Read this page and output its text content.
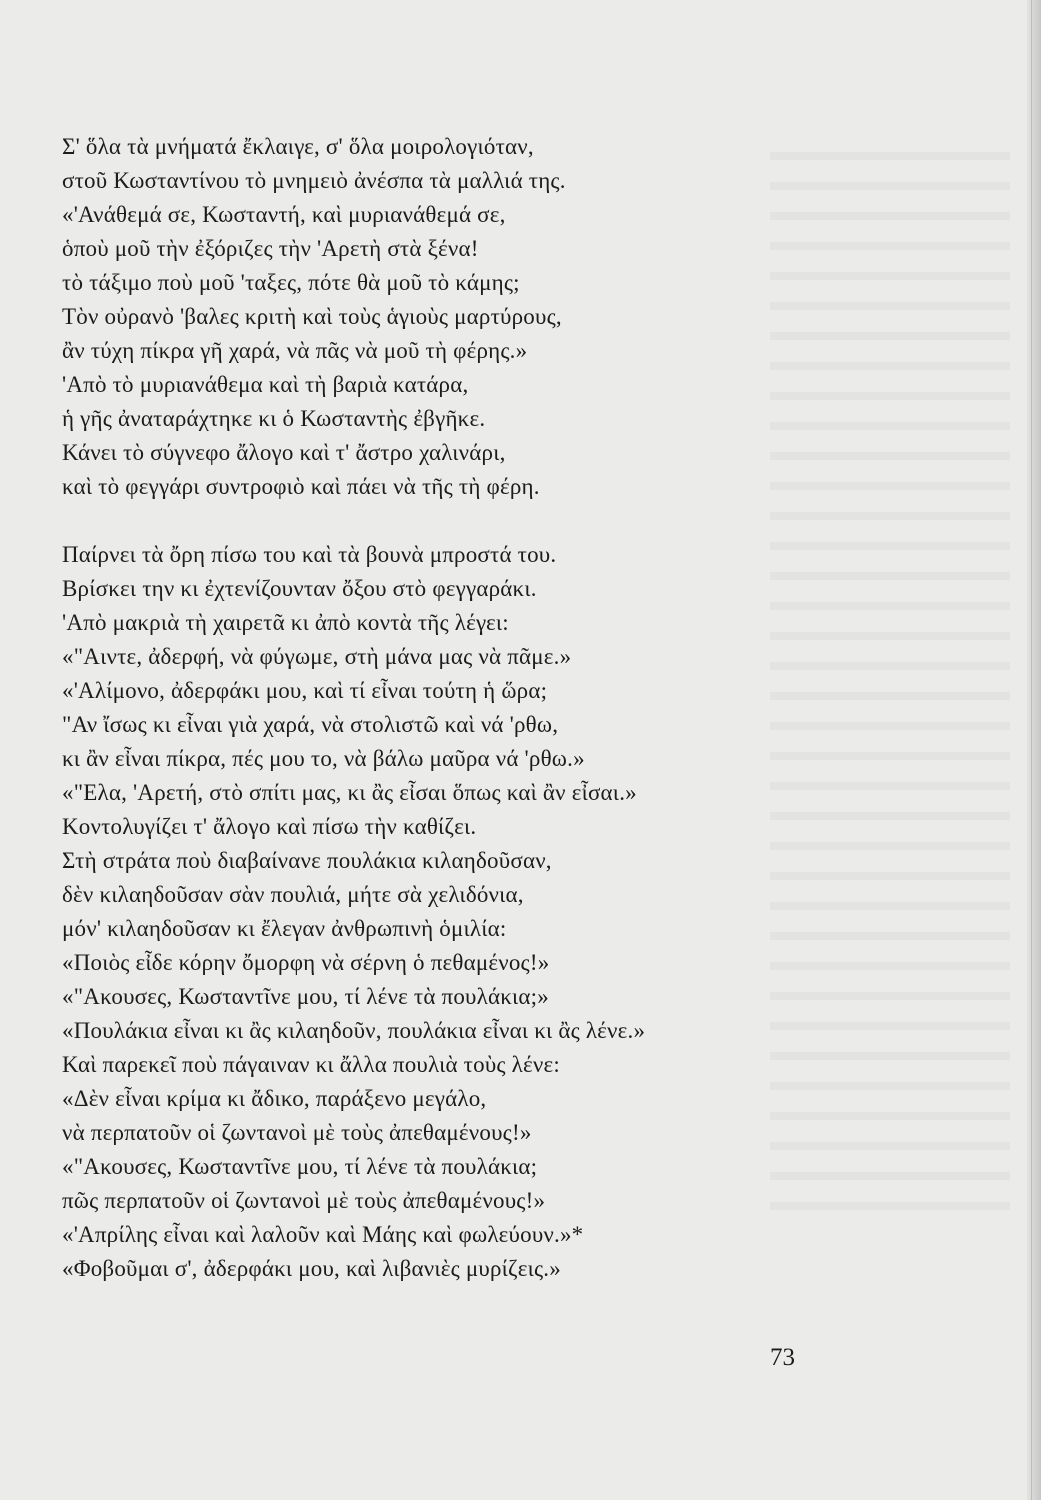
Σ' ὅλα τὰ μνήματά ἔκλαιγε, σ' ὅλα μοιρολογιόταν,
στοῦ Κωσταντίνου τὸ μνημειὸ ἀνέσπα τὰ μαλλιά της.
«'Ανάθεμά σε, Κωσταντή, καὶ μυριανάθεμά σε,
ὁποὺ μοῦ τὴν ἐξόριζες τὴν 'Αρετὴ στὰ ξένα!
τὸ τάξιμο ποὺ μοῦ 'ταξες, πότε θὰ μοῦ τὸ κάμης;
Τὸν οὐρανὸ 'βαλες κριτὴ καὶ τοὺς ἁγιοὺς μαρτύρους,
ἂν τύχη πίκρα γῆ χαρά, νὰ πᾶς νὰ μοῦ τὴ φέρης.»
'Απὸ τὸ μυριανάθεμα καὶ τὴ βαριὰ κατάρα,
ἡ γῆς ἀναταράχτηκε κι ὁ Κωσταντὴς ἐβγῆκε.
Κάνει τὸ σύγνεφο ἄλογο καὶ τ' ἄστρο χαλινάρι,
καὶ τὸ φεγγάρι συντροφιὸ καὶ πάει νὰ τῆς τὴ φέρη.
Παίρνει τὰ ὄρη πίσω του καὶ τὰ βουνὰ μπροστά του.
Βρίσκει την κι ἐχτενίζουνταν ὄξου στὸ φεγγαράκι.
'Απὸ μακριὰ τὴ χαιρετᾶ κι ἀπὸ κοντὰ τῆς λέγει:
«"Αιντε, ἀδερφή, νὰ φύγωμε, στὴ μάνα μας νὰ πᾶμε.»
«'Αλίμονο, ἀδερφάκι μου, καὶ τί εἶναι τούτη ἡ ὥρα;
"Αν ἴσως κι εἶναι γιὰ χαρά, νὰ στολιστῶ καὶ νά 'ρθω,
κι ἂν εἶναι πίκρα, πές μου το, νὰ βάλω μαῦρα νά 'ρθω.»
«"Ελα, 'Αρετή, στὸ σπίτι μας, κι ἂς εἶσαι ὅπως καὶ ἂν εἶσαι.»
Κοντολυγίζει τ' ἄλογο καὶ πίσω τὴν καθίζει.
Στὴ στράτα ποὺ διαβαίνανε πουλάκια κιλαηδοῦσαν,
δὲν κιλαηδοῦσαν σὰν πουλιά, μήτε σὰ χελιδόνια,
μόν' κιλαηδοῦσαν κι ἔλεγαν ἀνθρωπινὴ ὁμιλία:
«Ποιὸς εἶδε κόρην ὄμορφη νὰ σέρνη ὁ πεθαμένος!»
«"Ακουσες, Κωσταντῖνε μου, τί λένε τὰ πουλάκια;»
«Πουλάκια εἶναι κι ἂς κιλαηδοῦν, πουλάκια εἶναι κι ἂς λένε.»
Καὶ παρεκεῖ ποὺ πάγαιναν κι ἄλλα πουλιὰ τοὺς λένε:
«Δὲν εἶναι κρίμα κι ἄδικο, παράξενο μεγάλο,
νὰ περπατοῦν οἱ ζωντανοὶ μὲ τοὺς ἀπεθαμένους!»
«"Ακουσες, Κωσταντῖνε μου, τί λένε τὰ πουλάκια;
πῶς περπατοῦν οἱ ζωντανοὶ μὲ τοὺς ἀπεθαμένους!»
«'Απρίλης εἶναι καὶ λαλοῦν καὶ Μάης καὶ φωλεύουν.»*
«Φοβοῦμαι σ', ἀδερφάκι μου, καὶ λιβανιὲς μυρίζεις.»
73
